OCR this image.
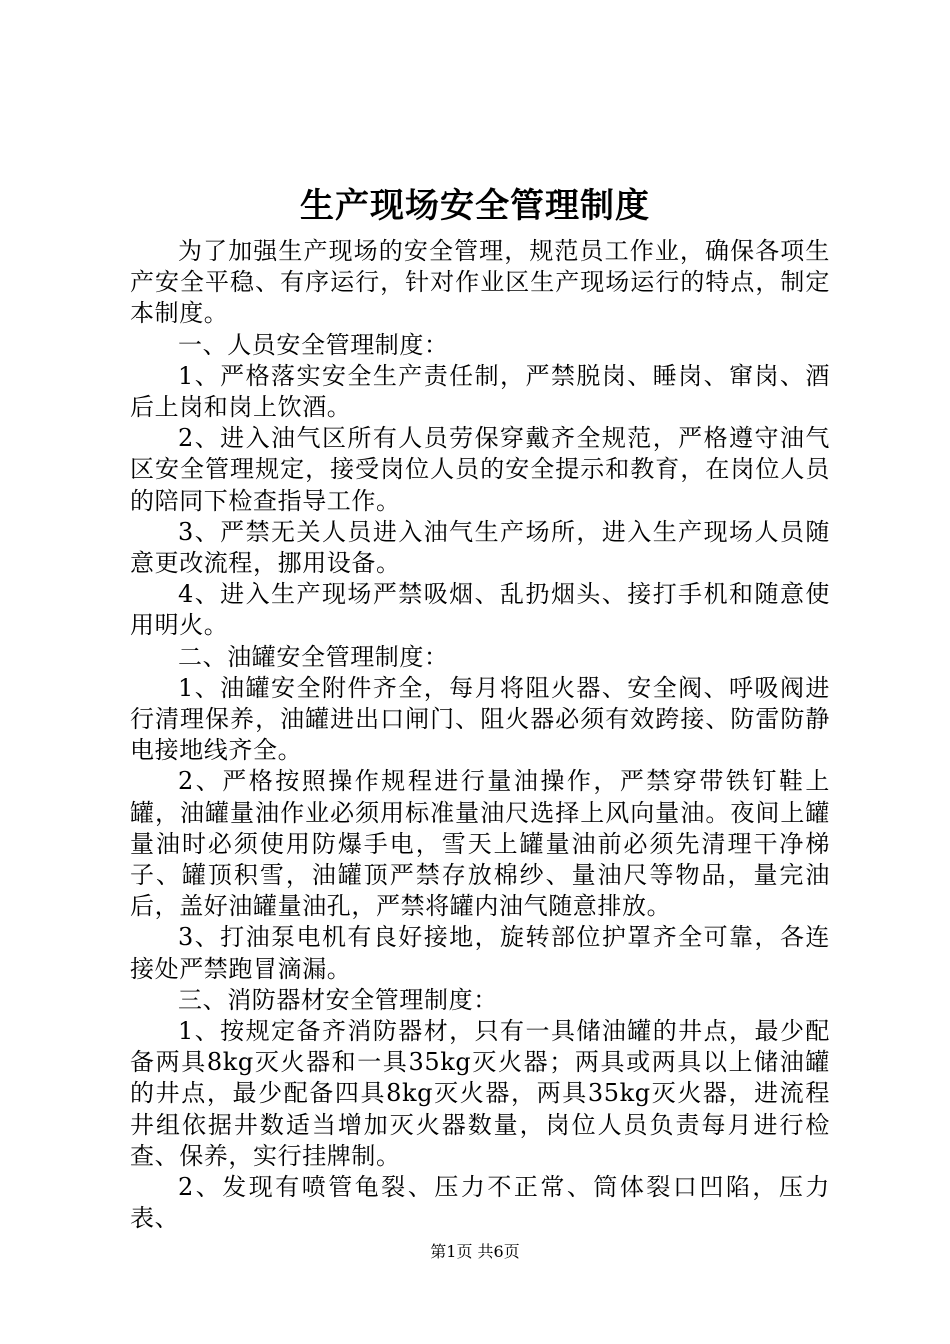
生产现场安全管理制度

为了加强生产现场的安全管理，规范员工作业，确保各项生产安全平稳、有序运行，针对作业区生产现场运行的特点，制定本制度。

一、人员安全管理制度：

1、严格落实安全生产责任制，严禁脱岗、睡岗、窜岗、酒后上岗和岗上饮酒。

2、进入油气区所有人员劳保穿戴齐全规范，严格遵守油气区安全管理规定，接受岗位人员的安全提示和教育，在岗位人员的陪同下检查指导工作。

3、严禁无关人员进入油气生产场所，进入生产现场人员随意更改流程，挪用设备。

4、进入生产现场严禁吸烟、乱扔烟头、接打手机和随意使用明火。

二、油罐安全管理制度：

1、油罐安全附件齐全，每月将阻火器、安全阀、呼吸阀进行清理保养，油罐进出口闸门、阻火器必须有效跨接、防雷防静电接地线齐全。

2、严格按照操作规程进行量油操作，严禁穿带铁钉鞋上罐，油罐量油作业必须用标准量油尺选择上风向量油。夜间上罐量油时必须使用防爆手电，雪天上罐量油前必须先清理干净梯子、罐顶积雪，油罐顶严禁存放棉纱、量油尺等物品，量完油后，盖好油罐量油孔，严禁将罐内油气随意排放。

3、打油泵电机有良好接地，旋转部位护罩齐全可靠，各连接处严禁跑冒滴漏。

三、消防器材安全管理制度：

1、按规定备齐消防器材，只有一具储油罐的井点，最少配备两具8kg灭火器和一具35kg灭火器；两具或两具以上储油罐的井点，最少配备四具8kg灭火器，两具35kg灭火器，进流程井组依据井数适当增加灭火器数量，岗位人员负责每月进行检查、保养，实行挂牌制。

2、发现有喷管龟裂、压力不正常、筒体裂口凹陷，压力表、

第1页 共6页
